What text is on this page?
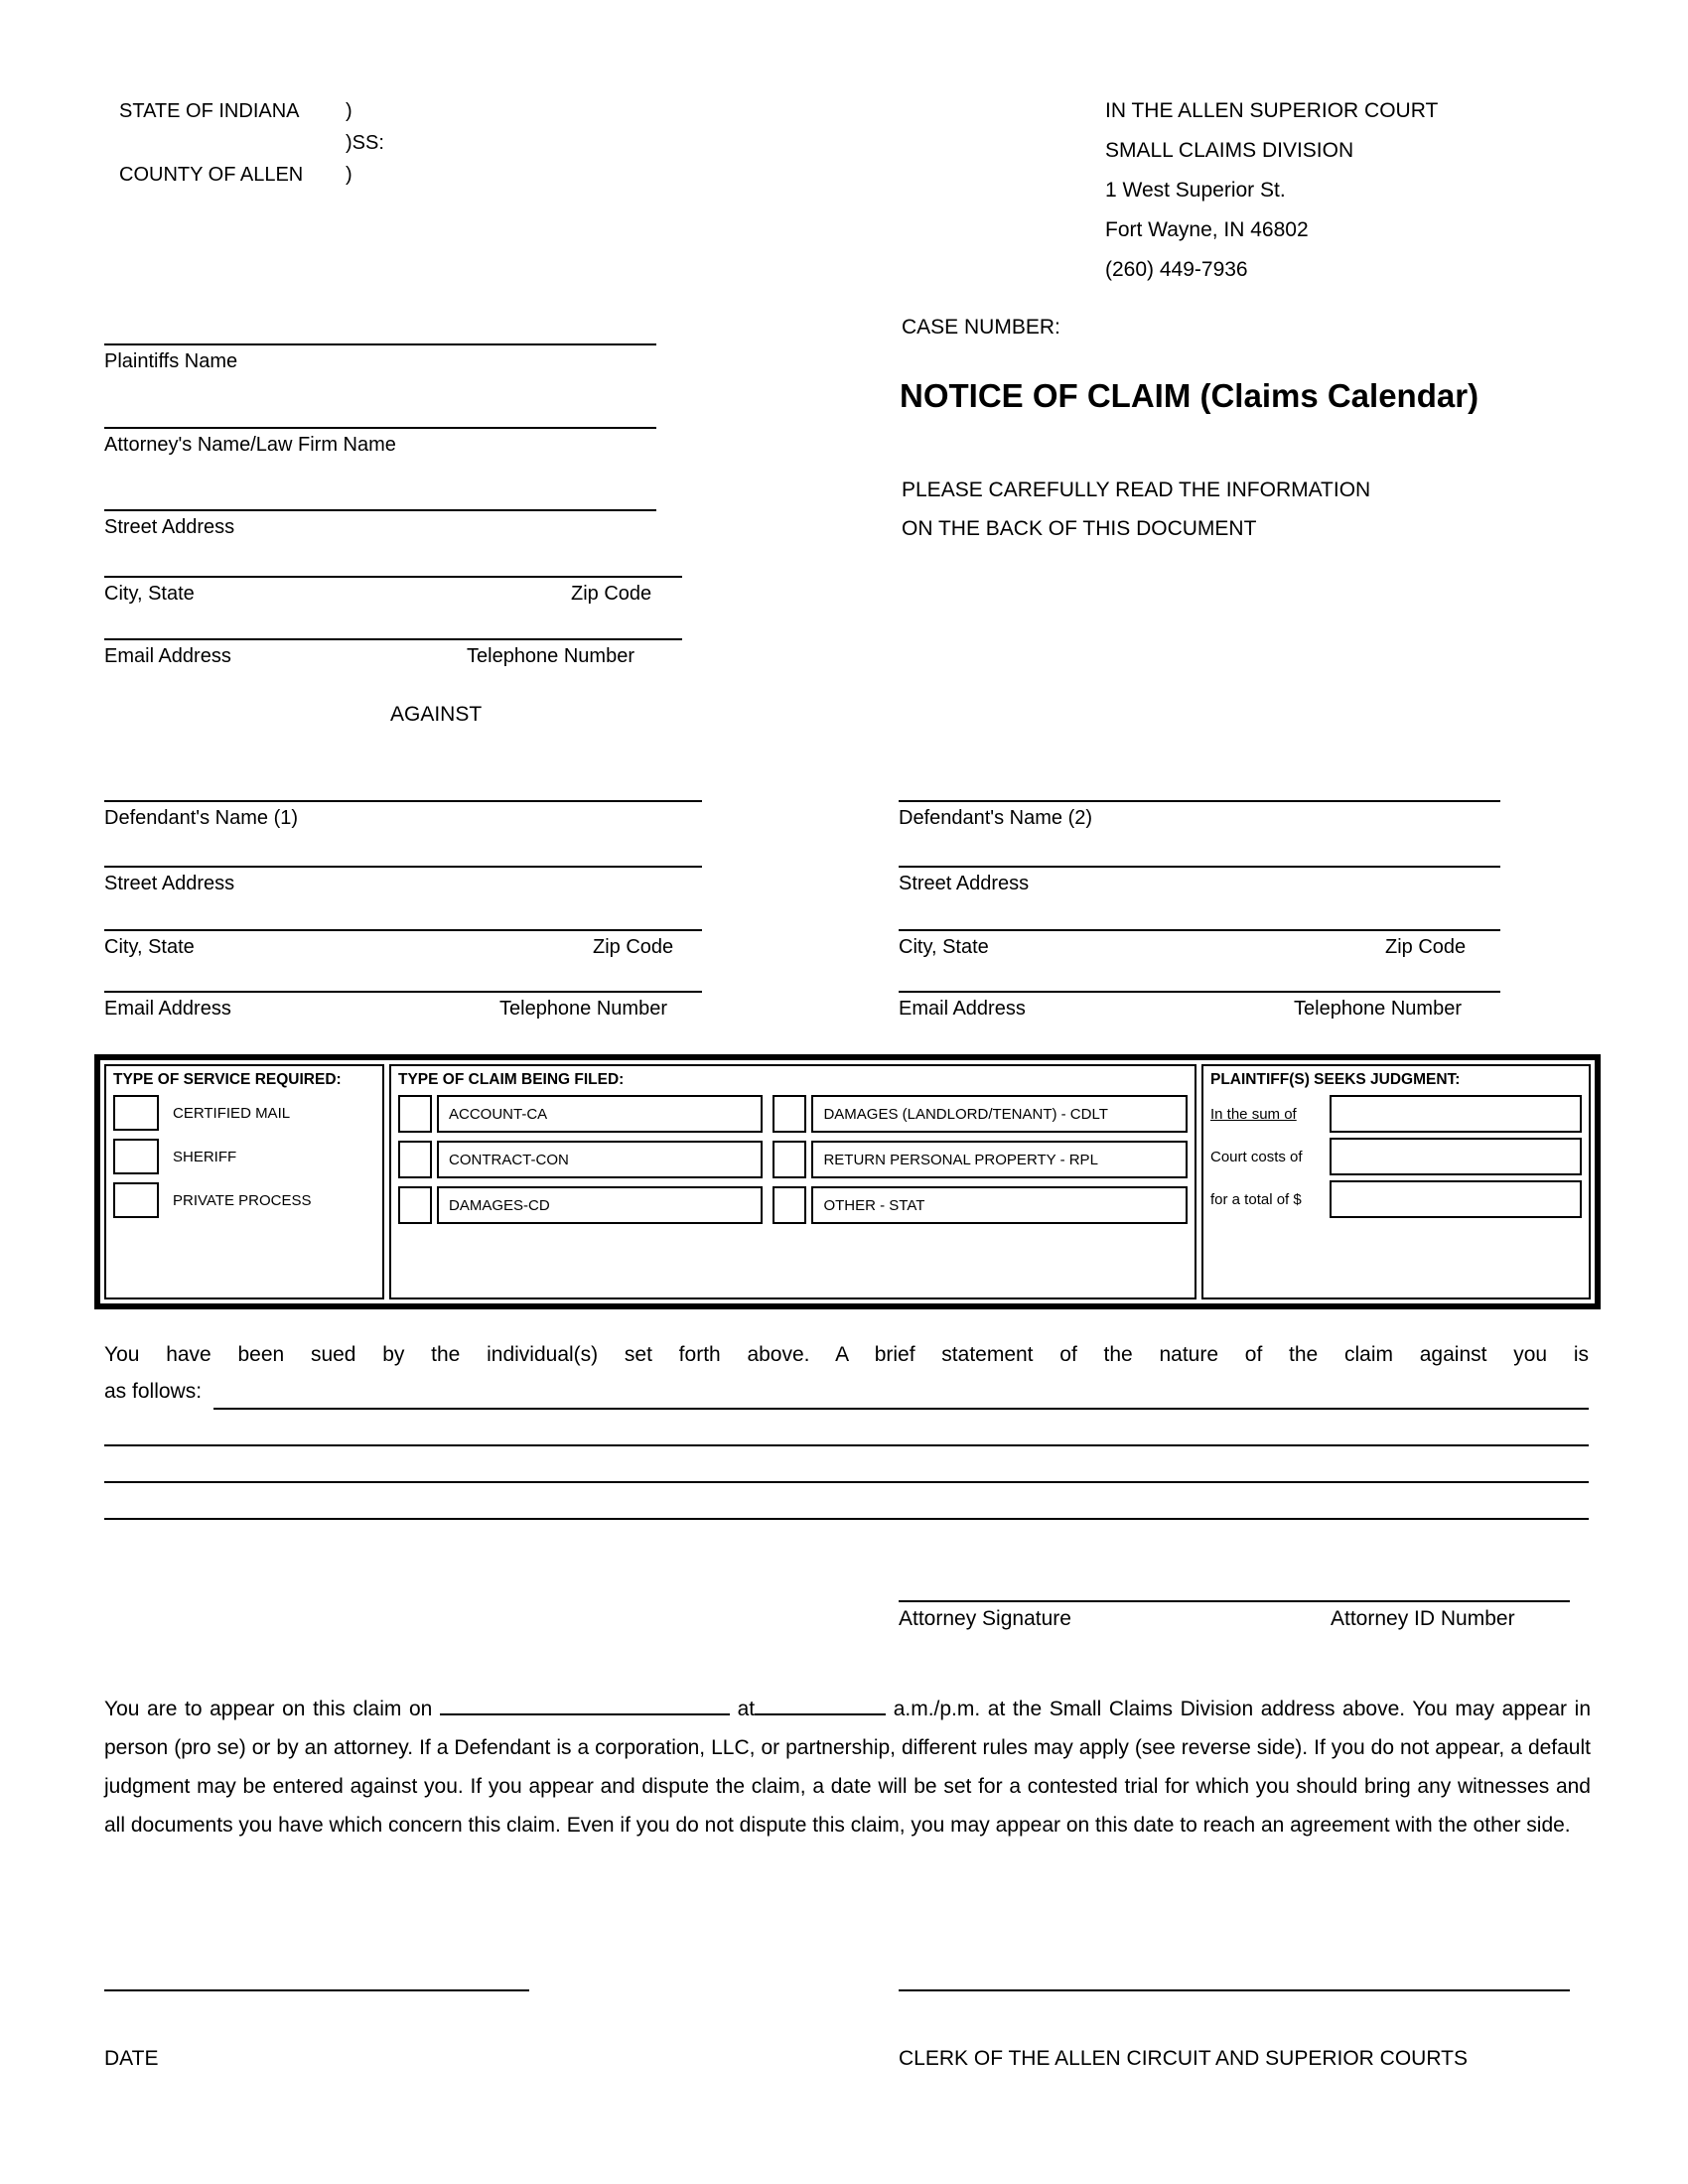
STATE OF INDIANA	)
)SS:
COUNTY OF ALLEN	)
IN THE ALLEN SUPERIOR COURT
SMALL CLAIMS DIVISION
1 West Superior St.
Fort Wayne, IN 46802
(260) 449-7936
CASE NUMBER:
NOTICE OF CLAIM (Claims Calendar)
PLEASE CAREFULLY READ THE INFORMATION
ON THE BACK OF THIS DOCUMENT
Plaintiffs Name
Attorney's Name/Law Firm Name
Street Address
City, State	Zip Code
Email Address	Telephone Number
AGAINST
Defendant's Name (1)
Street Address
City, State	Zip Code
Email Address	Telephone Number
Defendant's Name (2)
Street Address
City, State	Zip Code
Email Address	Telephone Number
TYPE OF SERVICE REQUIRED:
CERTIFIED MAIL
SHERIFF
PRIVATE PROCESS
TYPE OF CLAIM BEING FILED:
ACCOUNT-CA
CONTRACT-CON
DAMAGES-CD
DAMAGES (LANDLORD/TENANT) - CDLT
RETURN PERSONAL PROPERTY - RPL
OTHER - STAT
PLAINTIFF(S) SEEKS JUDGMENT:
In the sum of
Court costs of
for a total of $
You have been sued by the individual(s) set forth above. A brief statement of the nature of the claim against you is
as follows:
Attorney Signature	Attorney ID Number
You are to appear on this claim on	at	a.m./p.m. at the Small Claims Division address above. You may appear in person (pro se) or by an attorney. If a Defendant is a corporation, LLC, or partnership, different rules may apply (see reverse side). If you do not appear, a default judgment may be entered against you. If you appear and dispute the claim, a date will be set for a contested trial for which you should bring any witnesses and all documents you have which concern this claim. Even if you do not dispute this claim, you may appear on this date to reach an agreement with the other side.
DATE	CLERK OF THE ALLEN CIRCUIT AND SUPERIOR COURTS
